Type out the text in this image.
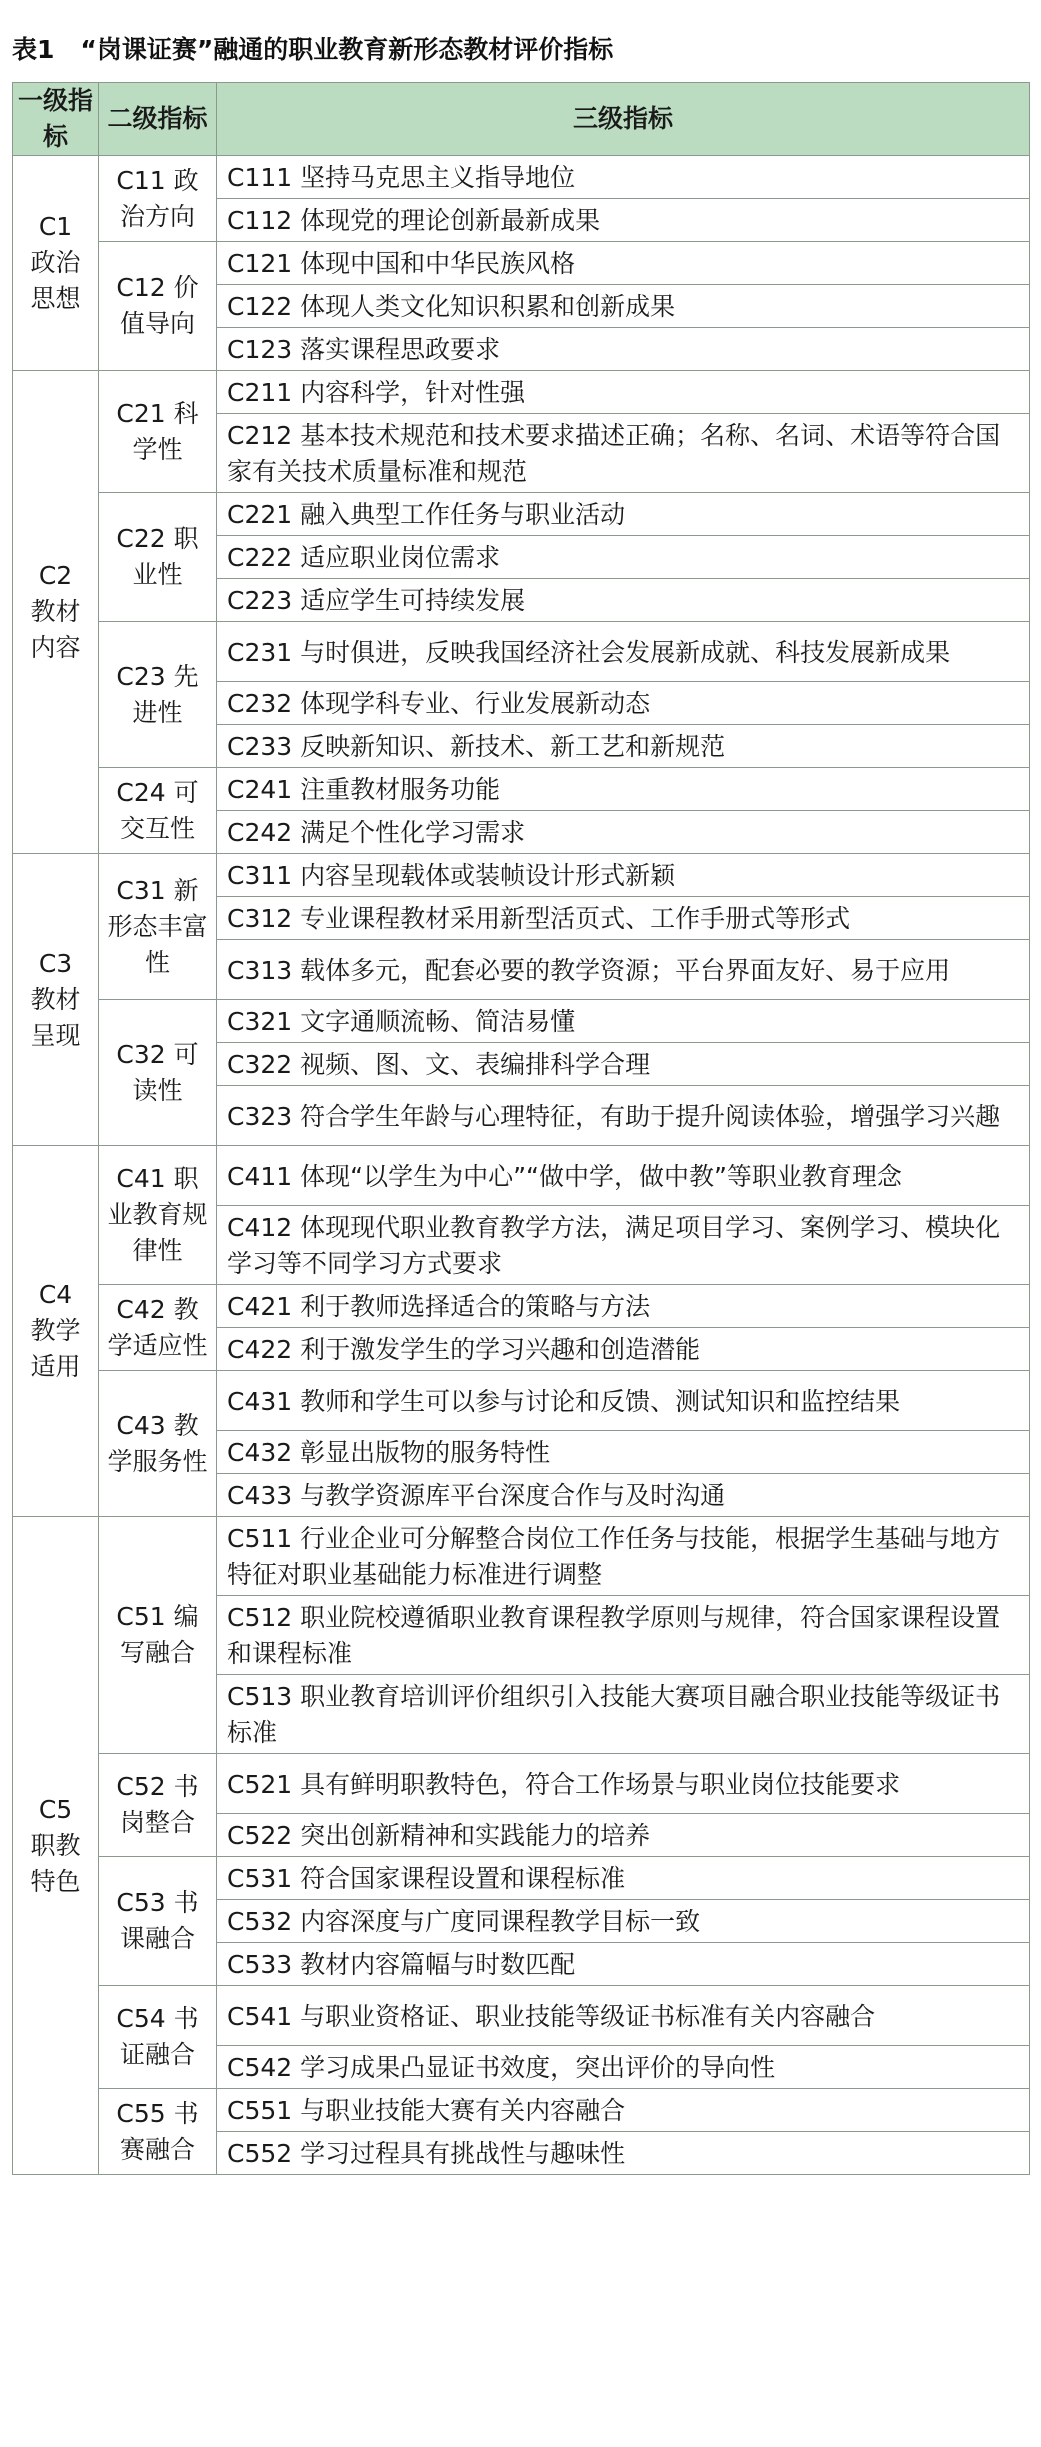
表1 “岗课证赛”融通的职业教育新形态教材评价指标
一级指标	二级指标	三级指标

C1
政治思想	C11 政治方向	C111 坚持马克思主义指导地位
		C112 体现党的理论创新最新成果
	C12 价值导向	C121 体现中国和中华民族风格
		C122 体现人类文化知识积累和创新成果
		C123 落实课程思政要求

C2
教材内容	C21 科学性	C211 内容科学，针对性强
		C212 基本技术规范和技术要求描述正确；名称、名词、术语等符合国家有关技术质量标准和规范
	C22 职业性	C221 融入典型工作任务与职业活动
		C222 适应职业岗位需求
		C223 适应学生可持续发展
	C23 先进性	C231 与时俱进，反映我国经济社会发展新成就、科技发展新成果
		C232 体现学科专业、行业发展新动态
		C233 反映新知识、新技术、新工艺和新规范
	C24 可交互性	C241 注重教材服务功能
		C242 满足个性化学习需求

C3
教材呈现	C31 新形态丰富性	C311 内容呈现载体或装帧设计形式新颖
		C312 专业课程教材采用新型活页式、工作手册式等形式
		C313 载体多元，配套必要的教学资源；平台界面友好、易于应用
	C32 可读性	C321 文字通顺流畅、简洁易懂
		C322 视频、图、文、表编排科学合理
		C323 符合学生年龄与心理特征，有助于提升阅读体验，增强学习兴趣

C4
教学适用	C41 职业教育规律性	C411 体现“以学生为中心”“做中学，做中教”等职业教育理念
		C412 体现现代职业教育教学方法，满足项目学习、案例学习、模块化学习等不同学习方式要求
	C42 教学适应性	C421 利于教师选择适合的策略与方法
		C422 利于激发学生的学习兴趣和创造潜能
	C43 教学服务性	C431 教师和学生可以参与讨论和反馈、测试知识和监控结果
		C432 彰显出版物的服务特性
		C433 与教学资源库平台深度合作与及时沟通

C5
职教特色	C51 编写融合	C511 行业企业可分解整合岗位工作任务与技能，根据学生基础与地方特征对职业基础能力标准进行调整
		C512 职业院校遵循职业教育课程教学原则与规律，符合国家课程设置和课程标准
		C513 职业教育培训评价组织引入技能大赛项目融合职业技能等级证书标准
	C52 书岗整合	C521 具有鲜明职教特色，符合工作场景与职业岗位技能要求
		C522 突出创新精神和实践能力的培养
	C53 书课融合	C531 符合国家课程设置和课程标准
		C532 内容深度与广度同课程教学目标一致
		C533 教材内容篇幅与时数匹配
	C54 书证融合	C541 与职业资格证、职业技能等级证书标准有关内容融合
		C542 学习成果凸显证书效度，突出评价的导向性
	C55 书赛融合	C551 与职业技能大赛有关内容融合
		C552 学习过程具有挑战性与趣味性
